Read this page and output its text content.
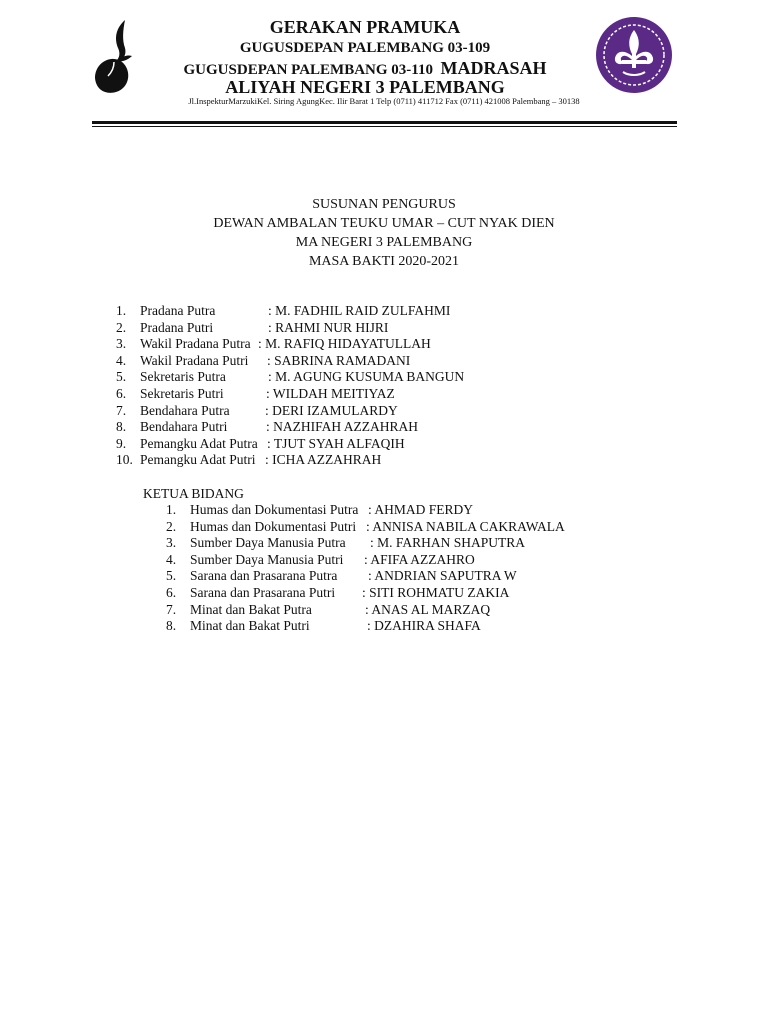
GERAKAN PRAMUKA
GUGUSDEPAN PALEMBANG 03-109
GUGUSDEPAN PALEMBANG 03-110 MADRASAH
ALIYAH NEGERI 3 PALEMBANG
Jl.InspekturMarzukiKel. Siring AgungKec. Ilir Barat 1 Telp (0711) 411712 Fax (0711) 421008 Palembang – 30138
SUSUNAN PENGURUS
DEWAN AMBALAN TEUKU UMAR – CUT NYAK DIEN
MA NEGERI 3 PALEMBANG
MASA BAKTI 2020-2021
1.	Pradana Putra	: M. FADHIL RAID ZULFAHMI
2.	Pradana Putri	: RAHMI NUR HIJRI
3.	Wakil Pradana Putra : M. RAFIQ HIDAYATULLAH
4.	Wakil Pradana Putri : SABRINA RAMADANI
5.	Sekretaris Putra	: M. AGUNG KUSUMA BANGUN
6.	Sekretaris Putri	: WILDAH MEITIYAZ
7.	Bendahara Putra	: DERI IZAMULARDY
8.	Bendahara Putri	: NAZHIFAH AZZAHRAH
9.	Pemangku Adat Putra : TJUT SYAH ALFAQIH
10. Pemangku Adat Putri : ICHA AZZAHRAH
KETUA BIDANG
1.	Humas dan Dokumentasi Putra : AHMAD FERDY
2.	Humas dan Dokumentasi Putri : ANNISA NABILA CAKRAWALA
3.	Sumber Daya Manusia Putra : M. FARHAN SHAPUTRA
4.	Sumber Daya Manusia Putri : AFIFA AZZAHRO
5.	Sarana dan Prasarana Putra : ANDRIAN SAPUTRA W
6.	Sarana dan Prasarana Putri : SITI ROHMATU ZAKIA
7.	Minat dan Bakat Putra	: ANAS AL MARZAQ
8.	Minat dan Bakat Putri	: DZAHIRA SHAFA
